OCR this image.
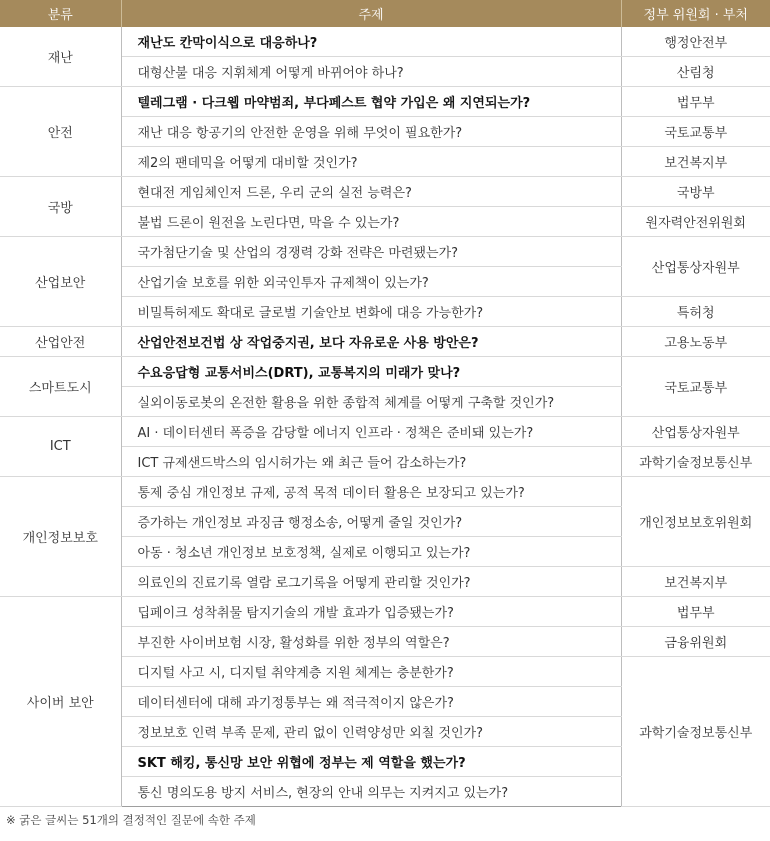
분류	주제	정부 위원회 · 부처
재난	재난도 칸막이식으로 대응하나?	행정안전부
	대형산불 대응 지휘체계 어떻게 바뀌어야 하나?	산림청
안전	텔레그램 · 다크웹 마약범죄, 부다페스트 협약 가입은 왜 지연되는가?	법무부
	재난 대응 항공기의 안전한 운영을 위해 무엇이 필요한가?	국토교통부
	제2의 팬데믹을 어떻게 대비할 것인가?	보건복지부
국방	현대전 게임체인저 드론, 우리 군의 실전 능력은?	국방부
	불법 드론이 원전을 노린다면, 막을 수 있는가?	원자력안전위원회
산업보안	국가첨단기술 및 산업의 경쟁력 강화 전략은 마련됐는가?	산업통상자원부
	산업기술 보호를 위한 외국인투자 규제책이 있는가?	
	비밀특허제도 확대로 글로벌 기술안보 변화에 대응 가능한가?	특허청
산업안전	산업안전보건법 상 작업중지권, 보다 자유로운 사용 방안은?	고용노동부
스마트도시	수요응답형 교통서비스(DRT), 교통복지의 미래가 맞나?	국토교통부
	실외이동로봇의 온전한 활용을 위한 종합적 체계를 어떻게 구축할 것인가?	
ICT	AI · 데이터센터 폭증을 감당할 에너지 인프라 · 정책은 준비돼 있는가?	산업통상자원부
	ICT 규제샌드박스의 임시허가는 왜 최근 들어 감소하는가?	과학기술정보통신부
개인정보보호	통제 중심 개인정보 규제, 공적 목적 데이터 활용은 보장되고 있는가?	개인정보보호위원회
	증가하는 개인정보 과징금 행정소송, 어떻게 줄일 것인가?	
	아동 · 청소년 개인정보 보호정책, 실제로 이행되고 있는가?	
	의료인의 진료기록 열람 로그기록을 어떻게 관리할 것인가?	보건복지부
사이버 보안	딥페이크 성착취물 탐지기술의 개발 효과가 입증됐는가?	법무부
	부진한 사이버보험 시장, 활성화를 위한 정부의 역할은?	금융위원회
	디지털 사고 시, 디지털 취약계층 지원 체계는 충분한가?	과학기술정보통신부
	데이터센터에 대해 과기정통부는 왜 적극적이지 않은가?	
	정보보호 인력 부족 문제, 관리 없이 인력양성만 외칠 것인가?	
	SKT 해킹, 통신망 보안 위협에 정부는 제 역할을 했는가?	
	통신 명의도용 방지 서비스, 현장의 안내 의무는 지켜지고 있는가?	
※ 굵은 글씨는 51개의 결정적인 질문에 속한 주제
